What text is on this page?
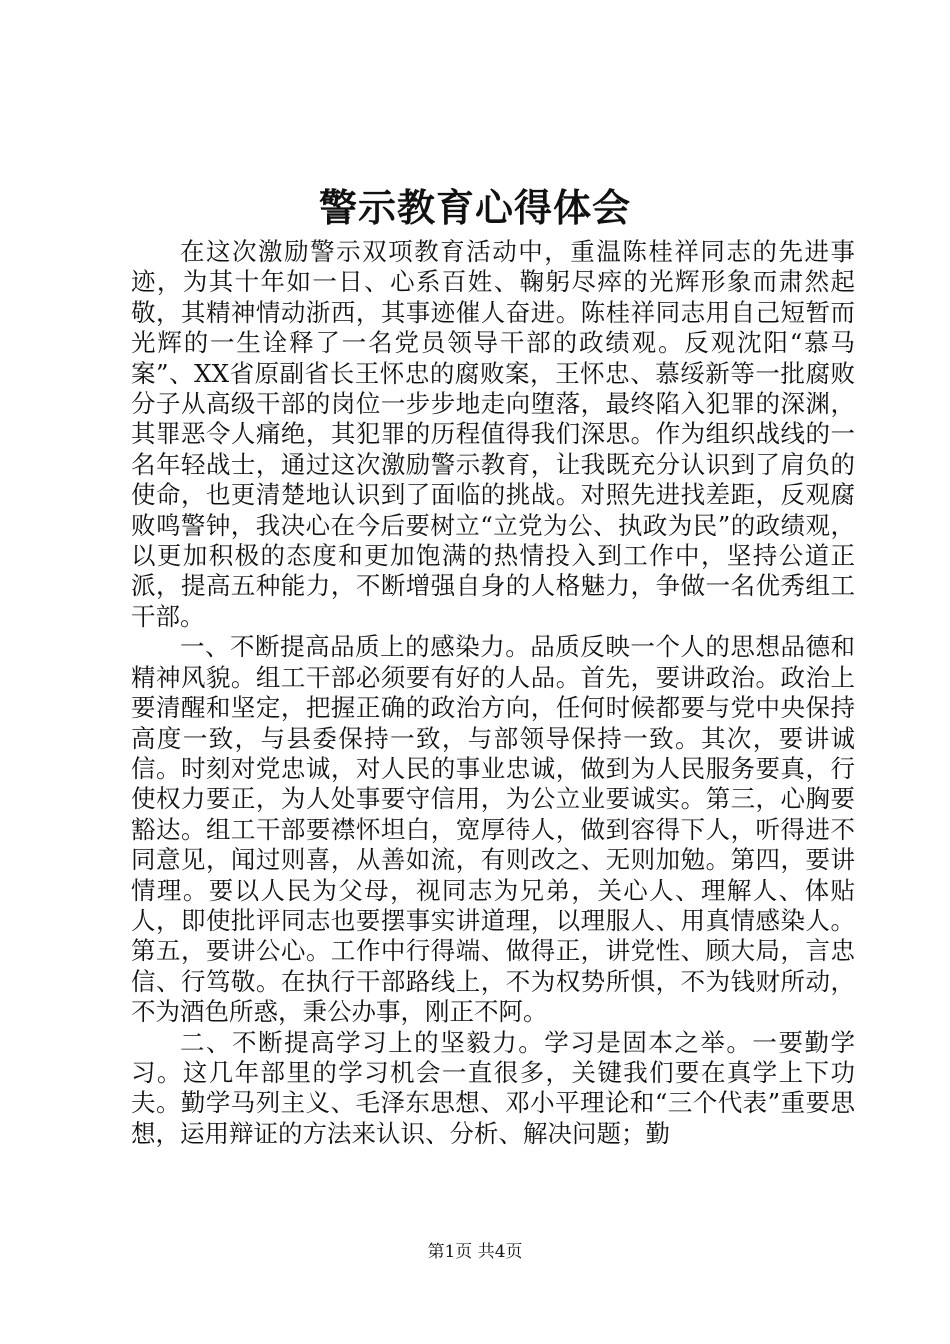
警示教育心得体会

在这次激励警示双项教育活动中，重温陈桂祥同志的先进事迹，为其十年如一日、心系百姓、鞠躬尽瘁的光辉形象而肃然起敬，其精神情动浙西，其事迹催人奋进。陈桂祥同志用自己短暂而光辉的一生诠释了一名党员领导干部的政绩观。反观沈阳“慕马案”、XX省原副省长王怀忠的腐败案，王怀忠、慕绥新等一批腐败分子从高级干部的岗位一步步地走向堕落，最终陷入犯罪的深渊，其罪恶令人痛绝，其犯罪的历程值得我们深思。作为组织战线的一名年轻战士，通过这次激励警示教育，让我既充分认识到了肩负的使命，也更清楚地认识到了面临的挑战。对照先进找差距，反观腐败鸣警钟，我决心在今后要树立“立党为公、执政为民”的政绩观，以更加积极的态度和更加饱满的热情投入到工作中，坚持公道正派，提高五种能力，不断增强自身的人格魅力，争做一名优秀组工干部。

一、不断提高品质上的感染力。品质反映一个人的思想品德和精神风貌。组工干部必须要有好的人品。首先，要讲政治。政治上要清醒和坚定，把握正确的政治方向，任何时候都要与党中央保持高度一致，与县委保持一致，与部领导保持一致。其次，要讲诚信。时刻对党忠诚，对人民的事业忠诚，做到为人民服务要真，行使权力要正，为人处事要守信用，为公立业要诚实。第三，心胸要豁达。组工干部要襟怀坦白，宽厚待人，做到容得下人，听得进不同意见，闻过则喜，从善如流，有则改之、无则加勉。第四，要讲情理。要以人民为父母，视同志为兄弟，关心人、理解人、体贴人，即使批评同志也要摆事实讲道理，以理服人、用真情感染人。第五，要讲公心。工作中行得端、做得正，讲党性、顾大局，言忠信、行笃敬。在执行干部路线上，不为权势所惧，不为钱财所动，不为酒色所惑，秉公办事，刚正不阿。

二、不断提高学习上的坚毅力。学习是固本之举。一要勤学习。这几年部里的学习机会一直很多，关键我们要在真学上下功夫。勤学马列主义、毛泽东思想、邓小平理论和“三个代表”重要思想，运用辩证的方法来认识、分析、解决问题；勤

第1页 共4页
